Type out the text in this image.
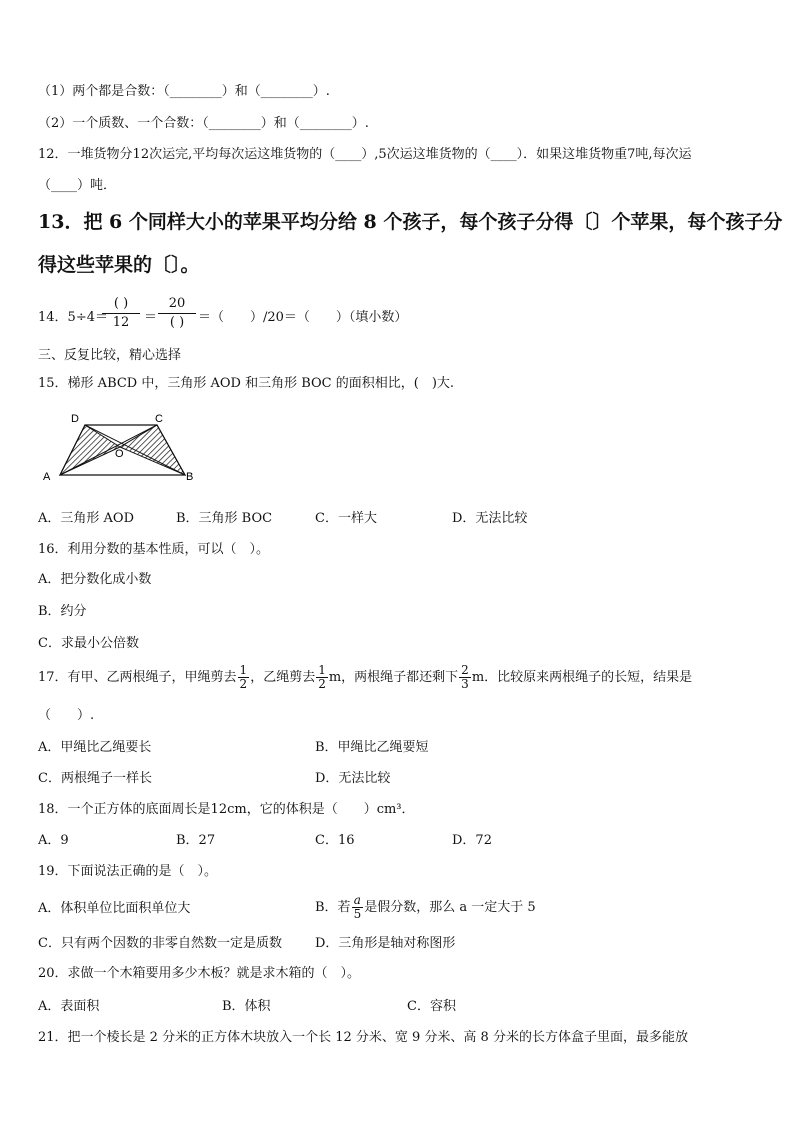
（1）两个都是合数：（________）和（________）.
（2）一个质数、一个合数：（________）和（________）.
12．一堆货物分12次运完,平均每次运这堆货物的（____）,5次运这堆货物的（____）．如果这堆货物重7吨,每次运
（____）吨．
13．把 6 个同样大小的苹果平均分给 8 个孩子，每个孩子分得〔〕个苹果，每个孩子分
得这些苹果的〔〕。
14．5÷4＝
( )
12	＝
20
( )	＝（　　）/20＝（　　）（填小数）
三、反复比较，精心选择
15．梯形 ABCD 中，三角形 AOD 和三角形 BOC 的面积相比，(　)大.
D	C
O
A	B
A．三角形 AOD	B．三角形 BOC	C．一样大	D．无法比较
16．利用分数的基本性质，可以（　）。
A．把分数化成小数
B．约分
C．求最小公倍数
17．有甲、乙两根绳子，甲绳剪去 $\frac{1}{2}$ ，乙绳剪去 $\frac{1}{2}$ m，两根绳子都还剩下 $\frac{2}{3}$ m．比较原来两根绳子的长短，结果是
（　　）.
A．甲绳比乙绳要长	B．甲绳比乙绳要短
C．两根绳子一样长	D．无法比较
18．一个正方体的底面周长是12cm，它的体积是（　　）cm³．
A．9	B．27	C．16	D．72
19．下面说法正确的是（　）。
A．体积单位比面积单位大	B．若 $\frac{a}{5}$ 是假分数，那么 a 一定大于 5
C．只有两个因数的非零自然数一定是质数	D．三角形是轴对称图形
20．求做一个木箱要用多少木板？就是求木箱的（　）。
A．表面积	B．体积	C．容积
21．把一个棱长是 2 分米的正方体木块放入一个长 12 分米、宽 9 分米、高 8 分米的长方体盒子里面，最多能放
